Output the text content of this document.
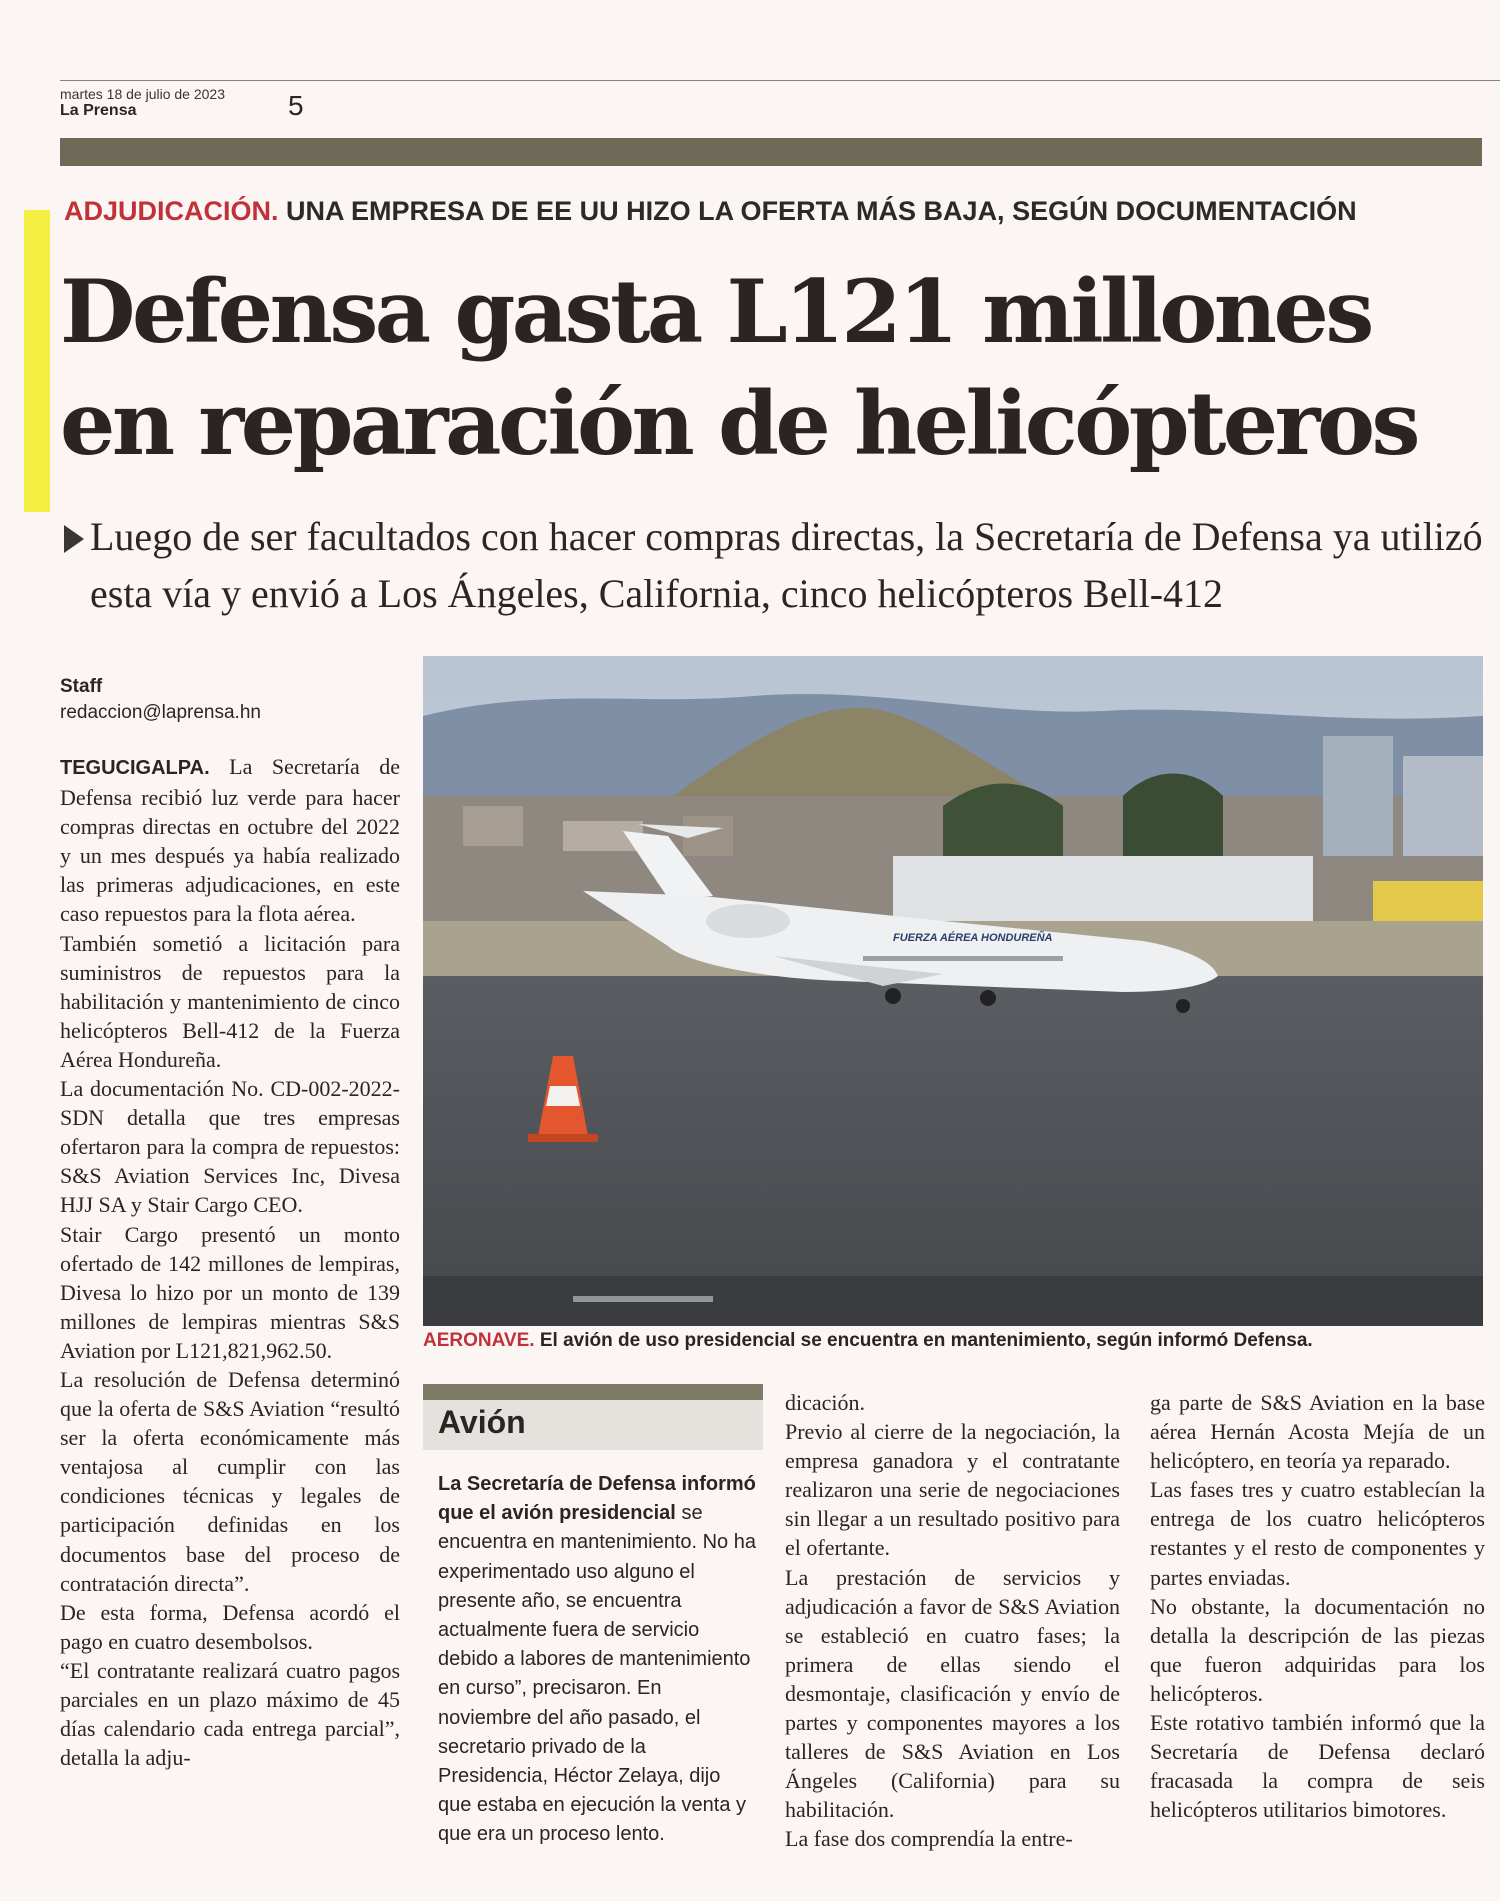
martes 18 de julio de 2023
La Prensa	5
ADJUDICACIÓN. UNA EMPRESA DE EE UU HIZO LA OFERTA MÁS BAJA, SEGÚN DOCUMENTACIÓN
Defensa gasta L121 millones
en reparación de helicópteros
Luego de ser facultados con hacer compras directas, la Secretaría de Defensa ya utilizó esta vía y envió a Los Ángeles, California, cinco helicópteros Bell-412
Staff
redaccion@laprensa.hn

TEGUCIGALPA. La Secretaría de Defensa recibió luz verde para hacer compras directas en octubre del 2022 y un mes después ya había realizado las primeras adjudicaciones, en este caso repuestos para la flota aérea.

También sometió a licitación para suministros de repuestos para la habilitación y mantenimiento de cinco helicópteros Bell-412 de la Fuerza Aérea Hondureña.

La documentación No. CD-002-2022-SDN detalla que tres empresas ofertaron para la compra de repuestos: S&S Aviation Services Inc, Divesa HJJ SA y Stair Cargo CEO.

Stair Cargo presentó un monto ofertado de 142 millones de lempiras, Divesa lo hizo por un monto de 139 millones de lempiras mientras S&S Aviation por L121,821,962.50.

La resolución de Defensa determinó que la oferta de S&S Aviation “resultó ser la oferta económicamente más ventajosa al cumplir con las condiciones técnicas y legales de participación definidas en los documentos base del proceso de contratación directa”.

De esta forma, Defensa acordó el pago en cuatro desembolsos.

“El contratante realizará cuatro pagos parciales en un plazo máximo de 45 días calendario cada entrega parcial”, detalla la adju-

FUERZA AÉREA HONDUREÑA
AERONAVE. El avión de uso presidencial se encuentra en mantenimiento, según informó Defensa.
Avión
La Secretaría de Defensa informó que el avión presidencial se encuentra en mantenimiento. No ha experimentado uso alguno el presente año, se encuentra actualmente fuera de servicio debido a labores de mantenimiento en curso”, precisaron. En noviembre del año pasado, el secretario privado de la Presidencia, Héctor Zelaya, dijo que estaba en ejecución la venta y que era un proceso lento.

dicación.

Previo al cierre de la negociación, la empresa ganadora y el contratante realizaron una serie de negociaciones sin llegar a un resultado positivo para el ofertante.

La prestación de servicios y adjudicación a favor de S&S Aviation se estableció en cuatro fases; la primera de ellas siendo el desmontaje, clasificación y envío de partes y componentes mayores a los talleres de S&S Aviation en Los Ángeles (California) para su habilitación.

La fase dos comprendía la entre-

ga parte de S&S Aviation en la base aérea Hernán Acosta Mejía de un helicóptero, en teoría ya reparado.

Las fases tres y cuatro establecían la entrega de los cuatro helicópteros restantes y el resto de componentes y partes enviadas.

No obstante, la documentación no detalla la descripción de las piezas que fueron adquiridas para los helicópteros.

Este rotativo también informó que la Secretaría de Defensa declaró fracasada la compra de seis helicópteros utilitarios bimotores.
